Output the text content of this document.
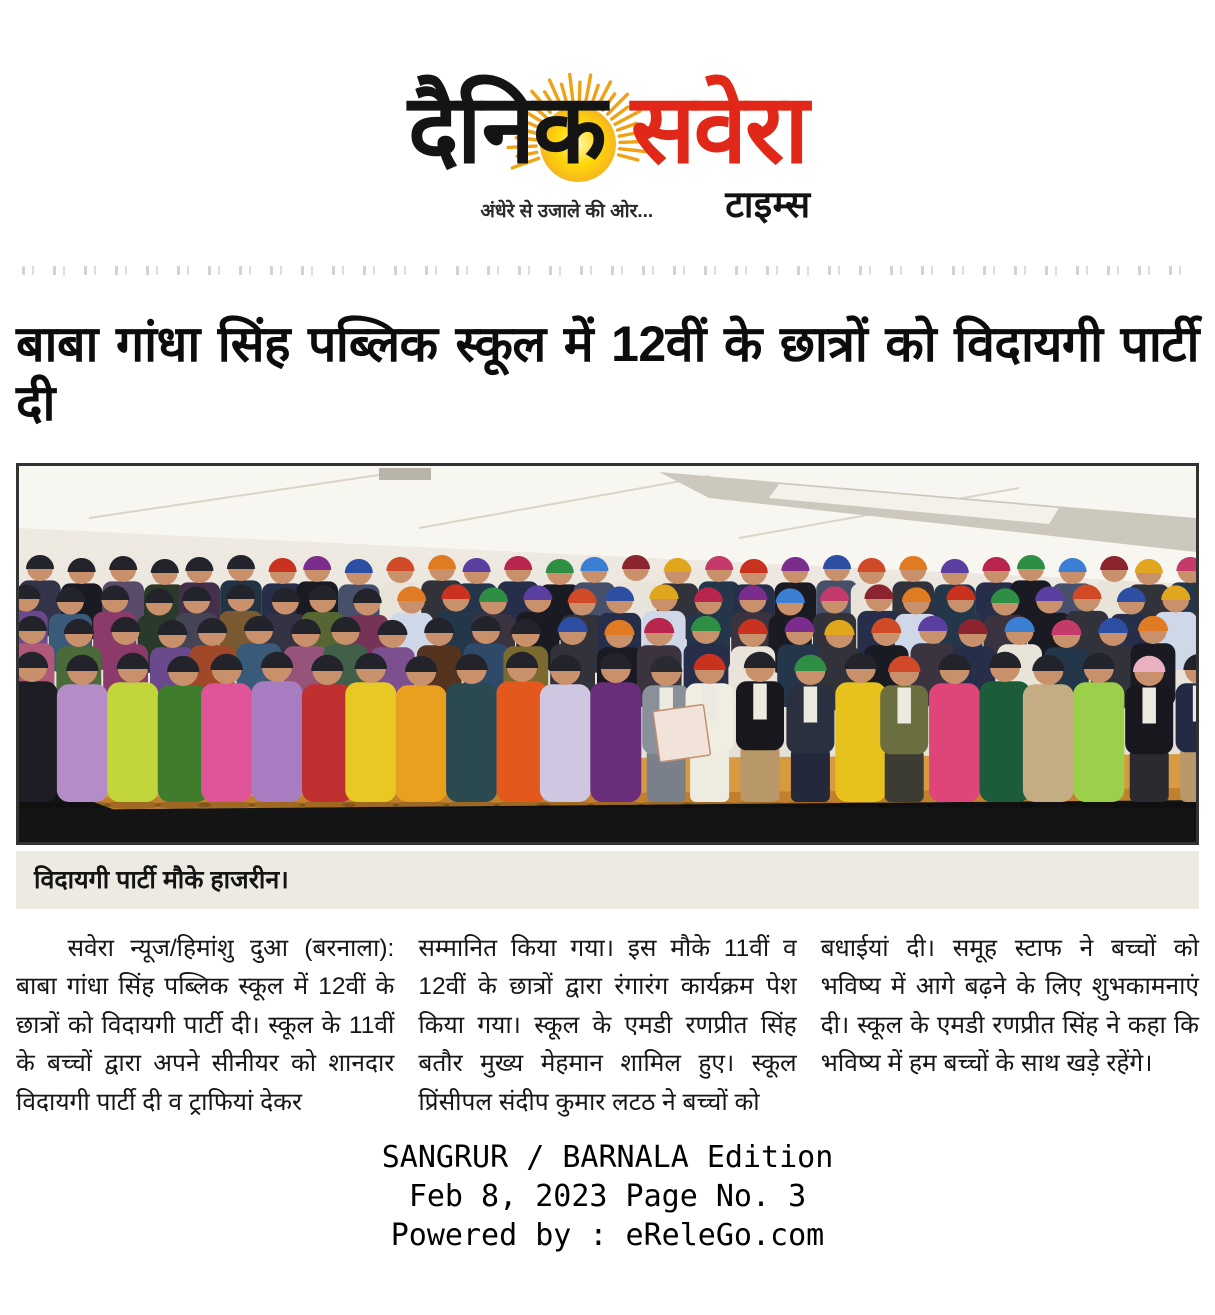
दैनिक सवेरा
अंधेरे से उजाले की ओर... टाइम्स
बाबा गांधा सिंह पब्लिक स्कूल में 12वीं के छात्रों को विदायगी पार्टी दी
विदायगी पार्टी मौके हाजरीन।

सवेरा न्यूज/हिमांशु दुआ (बरनाला): बाबा गांधा सिंह पब्लिक स्कूल में 12वीं के छात्रों को विदायगी पार्टी दी। स्कूल के 11वीं के बच्चों द्वारा अपने सीनीयर को शानदार विदायगी पार्टी दी व ट्राफियां देकर

सम्मानित किया गया। इस मौके 11वीं व 12वीं के छात्रों द्वारा रंगारंग कार्यक्रम पेश किया गया। स्कूल के एमडी रणप्रीत सिंह बतौर मुख्य मेहमान शामिल हुए। स्कूल प्रिंसीपल संदीप कुमार लटठ ने बच्चों को

बधाईयां दी। समूह स्टाफ ने बच्चों को भविष्य में आगे बढ़ने के लिए शुभकामनाएं दी। स्कूल के एमडी रणप्रीत सिंह ने कहा कि भविष्य में हम बच्चों के साथ खड़े रहेंगे।

SANGRUR / BARNALA Edition
Feb 8, 2023 Page No. 3
Powered by : eReleGo.com
